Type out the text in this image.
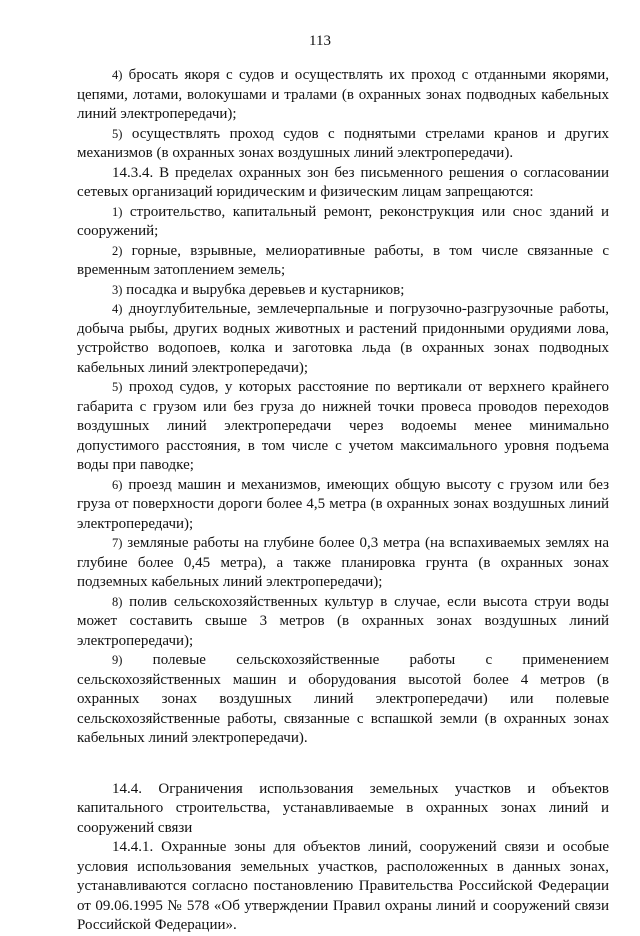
113

4) бросать якоря с судов и осуществлять их проход с отданными якорями, цепями, лотами, волокушами и тралами (в охранных зонах подводных кабельных линий электропередачи);

5) осуществлять проход судов с поднятыми стрелами кранов и других механизмов (в охранных зонах воздушных линий электропередачи).

14.3.4. В пределах охранных зон без письменного решения о согласовании сетевых организаций юридическим и физическим лицам запрещаются:

1) строительство, капитальный ремонт, реконструкция или снос зданий и сооружений;

2) горные, взрывные, мелиоративные работы, в том числе связанные с временным затоплением земель;

3) посадка и вырубка деревьев и кустарников;

4) дноуглубительные, землечерпальные и погрузочно-разгрузочные работы, добыча рыбы, других водных животных и растений придонными орудиями лова, устройство водопоев, колка и заготовка льда (в охранных зонах подводных кабельных линий электропередачи);

5) проход судов, у которых расстояние по вертикали от верхнего крайнего габарита с грузом или без груза до нижней точки провеса проводов переходов воздушных линий электропередачи через водоемы менее минимально допустимого расстояния, в том числе с учетом максимального уровня подъема воды при паводке;

6) проезд машин и механизмов, имеющих общую высоту с грузом или без груза от поверхности дороги более 4,5 метра (в охранных зонах воздушных линий электропередачи);

7) земляные работы на глубине более 0,3 метра (на вспахиваемых землях на глубине более 0,45 метра), а также планировка грунта (в охранных зонах подземных кабельных линий электропередачи);

8) полив сельскохозяйственных культур в случае, если высота струи воды может составить свыше 3 метров (в охранных зонах воздушных линий электропередачи);

9) полевые сельскохозяйственные работы с применением сельскохозяйственных машин и оборудования высотой более 4 метров (в охранных зонах воздушных линий электропередачи) или полевые сельскохозяйственные работы, связанные с вспашкой земли (в охранных зонах кабельных линий электропередачи).

14.4. Ограничения использования земельных участков и объектов капитального строительства, устанавливаемые в охранных зонах линий и сооружений связи

14.4.1. Охранные зоны для объектов линий, сооружений связи и особые условия использования земельных участков, расположенных в данных зонах, устанавливаются согласно постановлению Правительства Российской Федерации от 09.06.1995 № 578 «Об утверждении Правил охраны линий и сооружений связи Российской Федерации».
